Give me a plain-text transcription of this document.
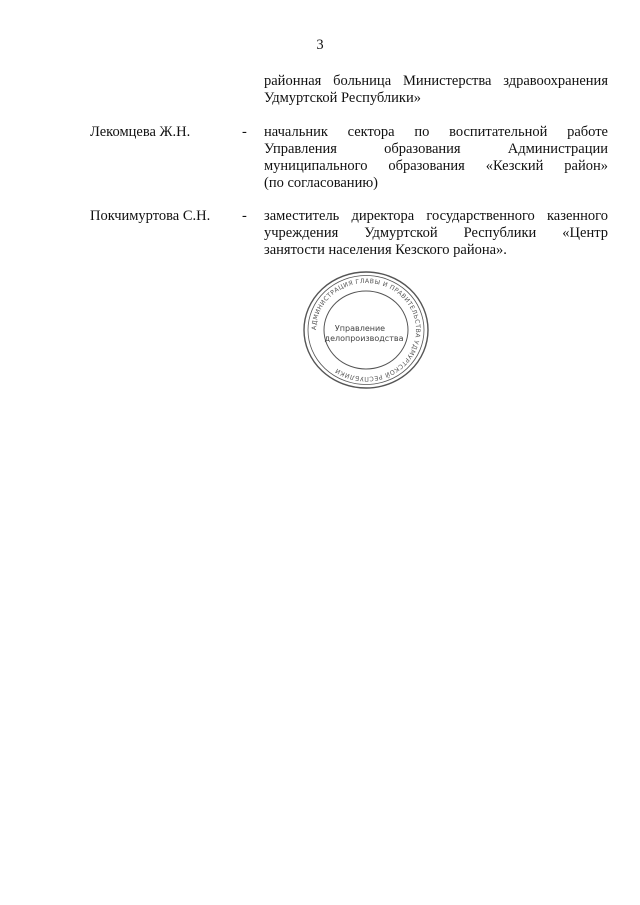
3
районная больница Министерства здравоохранения
Удмуртской Республики»
Лекомцева Ж.Н.	- начальник сектора по воспитательной работе
Управления образования Администрации
муниципального образования «Кезский район»
(по согласованию)
Покчимуртова С.Н. - заместитель директора государственного казенного
учреждения Удмуртской Республики «Центр
занятости населения Кезского района».
АДМИНИСТРАЦИЯ ГЛАВЫ И ПРАВИТЕЛЬСТВА УДМУРТСКОЙ РЕСПУБЛИКИ
Управление
делопроизводства
